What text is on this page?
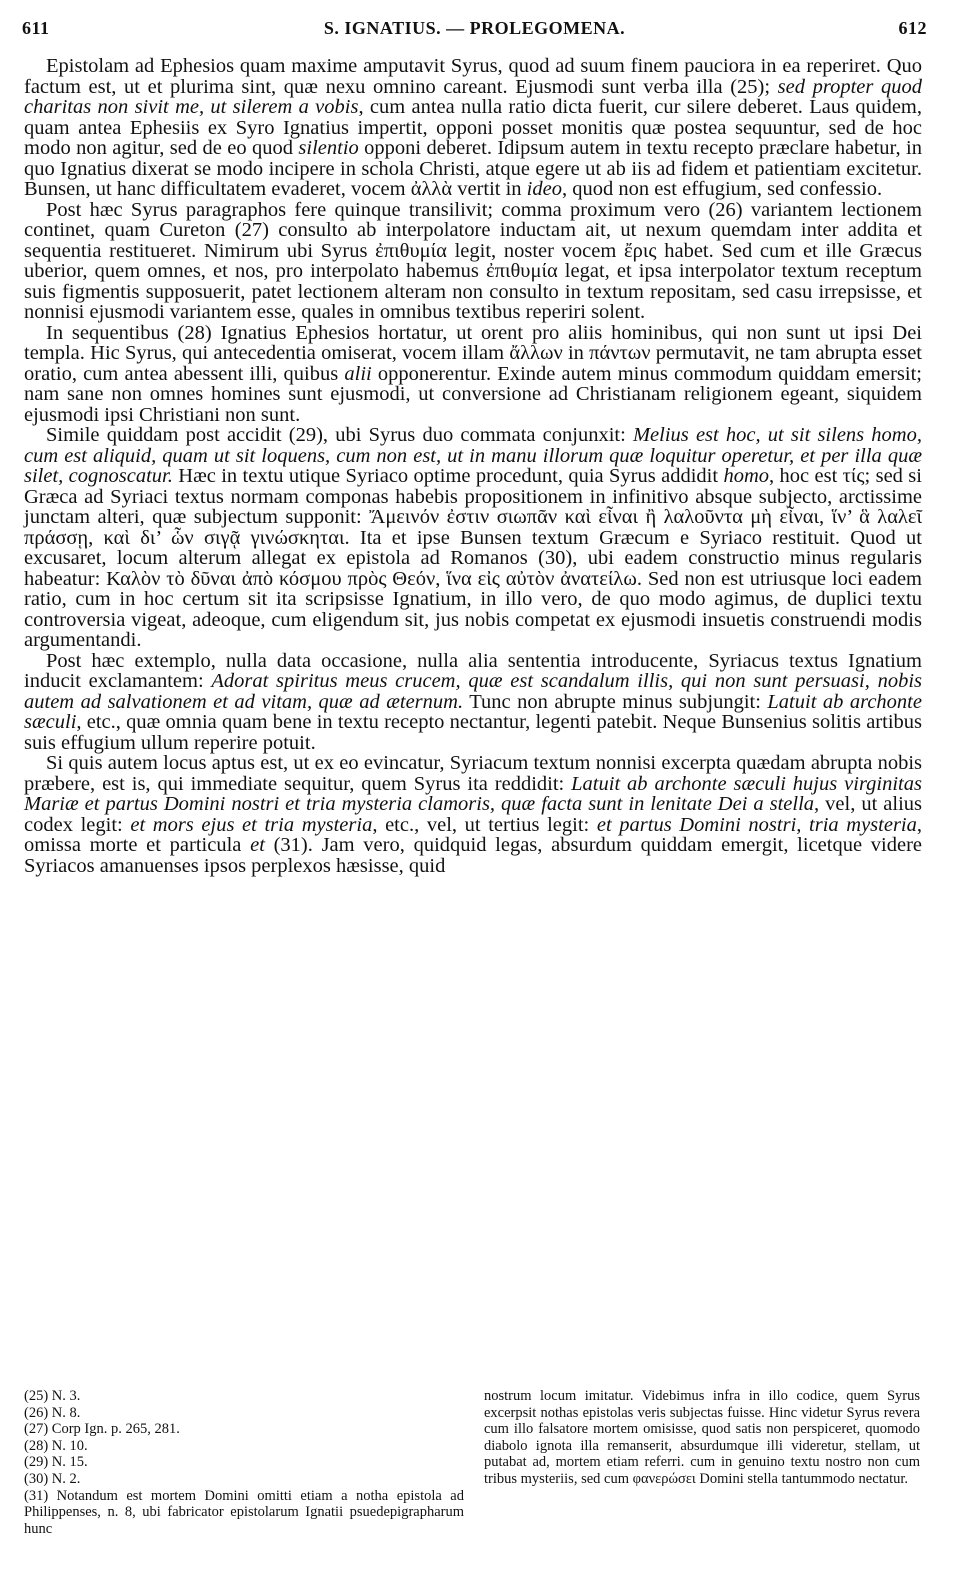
611	S. IGNATIUS. — PROLEGOMENA.	612

Epistolam ad Ephesios quam maxime amputavit Syrus, quod ad suum finem pauciora in ea reperiret. Quo factum est, ut et plurima sint, quæ nexu omnino careant. Ejusmodi sunt verba illa (25); sed propter quod charitas non sivit me, ut silerem a vobis, cum antea nulla ratio dicta fuerit, cur silere deberet. Laus quidem, quam antea Ephesiis ex Syro Ignatius impertit, opponi posset monitis quæ postea sequuntur, sed de hoc modo non agitur, sed de eo quod silentio opponi deberet. Idipsum autem in textu recepto præclare habetur, in quo Ignatius dixerat se modo incipere in schola Christi, atque egere ut ab iis ad fidem et patientiam excitetur. Bunsen, ut hanc difficultatem evaderet, vocem ἀλλὰ vertit in ideo, quod non est effugium, sed confessio.

Post hæc Syrus paragraphos fere quinque transilivit; comma proximum vero (26) variantem lectionem continet, quam Cureton (27) consulto ab interpolatore inductam ait, ut nexum quemdam inter addita et sequentia restitueret. Nimirum ubi Syrus ἐπιθυμία legit, noster vocem ἔρις habet. Sed cum et ille Græcus uberior, quem omnes, et nos, pro interpolato habemus ἐπιθυμία legat, et ipsa interpolator textum receptum suis figmentis supposuerit, patet lectionem alteram non consulto in textum repositam, sed casu irrepsisse, et nonnisi ejusmodi variantem esse, quales in omnibus textibus reperiri solent.

In sequentibus (28) Ignatius Ephesios hortatur, ut orent pro aliis hominibus, qui non sunt ut ipsi Dei templa. Hic Syrus, qui antecedentia omiserat, vocem illam ἄλλων in πάντων permutavit, ne tam abrupta esset oratio, cum antea abessent illi, quibus alii opponerentur. Exinde autem minus commodum quiddam emersit; nam sane non omnes homines sunt ejusmodi, ut conversione ad Christianam religionem egeant, siquidem ejusmodi ipsi Christiani non sunt.

Simile quiddam post accidit (29), ubi Syrus duo commata conjunxit: Melius est hoc, ut sit silens homo, cum est aliquid, quam ut sit loquens, cum non est, ut in manu illorum quæ loquitur operetur, et per illa quæ silet, cognoscatur. Hæc in textu utique Syriaco optime procedunt, quia Syrus addidit homo, hoc est τίς; sed si Græca ad Syriaci textus normam componas habebis propositionem in infinitivo absque subjecto, arctissime junctam alteri, quæ subjectum supponit: Ἄμεινόν ἐστιν σιωπᾶν καὶ εἶναι ἢ λαλοῦντα μὴ εἶναι, ἵν’ ἃ λαλεῖ πράσσῃ, καὶ δι’ ὧν σιγᾷ γινώσκηται. Ita et ipse Bunsen textum Græcum e Syriaco restituit. Quod ut excusaret, locum alterum allegat ex epistola ad Romanos (30), ubi eadem constructio minus regularis habeatur: Καλὸν τὸ δῦναι ἀπὸ κόσμου πρὸς Θεόν, ἵνα εἰς αὐτὸν ἀνατείλω. Sed non est utriusque loci eadem ratio, cum in hoc certum sit ita scripsisse Ignatium, in illo vero, de quo modo agimus, de duplici textu controversia vigeat, adeoque, cum eligendum sit, jus nobis competat ex ejusmodi insuetis construendi modis argumentandi.

Post hæc extemplo, nulla data occasione, nulla alia sententia introducente, Syriacus textus Ignatium inducit exclamantem: Adorat spiritus meus crucem, quæ est scandalum illis, qui non sunt persuasi, nobis autem ad salvationem et ad vitam, quæ ad æternum. Tunc non abrupte minus subjungit: Latuit ab archonte sæculi, etc., quæ omnia quam bene in textu recepto nectantur, legenti patebit. Neque Bunsenius solitis artibus suis effugium ullum reperire potuit.

Si quis autem locus aptus est, ut ex eo evincatur, Syriacum textum nonnisi excerpta quædam abrupta nobis præbere, est is, qui immediate sequitur, quem Syrus ita reddidit: Latuit ab archonte sæculi hujus virginitas Mariæ et partus Domini nostri et tria mysteria clamoris, quæ facta sunt in lenitate Dei a stella, vel, ut alius codex legit: et mors ejus et tria mysteria, etc., vel, ut tertius legit: et partus Domini nostri, tria mysteria, omissa morte et particula et (31). Jam vero, quidquid legas, absurdum quiddam emergit, licetque videre Syriacos amanuenses ipsos perplexos hæsisse, quid

(25) N. 3.

(26) N. 8.

(27) Corp Ign. p. 265, 281.

(28) N. 10.

(29) N. 15.

(30) N. 2.

(31) Notandum est mortem Domini omitti etiam a notha epistola ad Philippenses, n. 8, ubi fabricator epistolarum Ignatii psuedepigrapharum hunc

nostrum locum imitatur. Videbimus infra in illo codice, quem Syrus excerpsit nothas epistolas veris subjectas fuisse. Hinc videtur Syrus revera cum illo falsatore mortem omisisse, quod satis non perspiceret, quomodo diabolo ignota illa remanserit, absurdumque illi videretur, stellam, ut putabat ad, mortem etiam referri. cum in genuino textu nostro non cum tribus mysteriis, sed cum φανερώσει Domini stella tantummodo nectatur.
